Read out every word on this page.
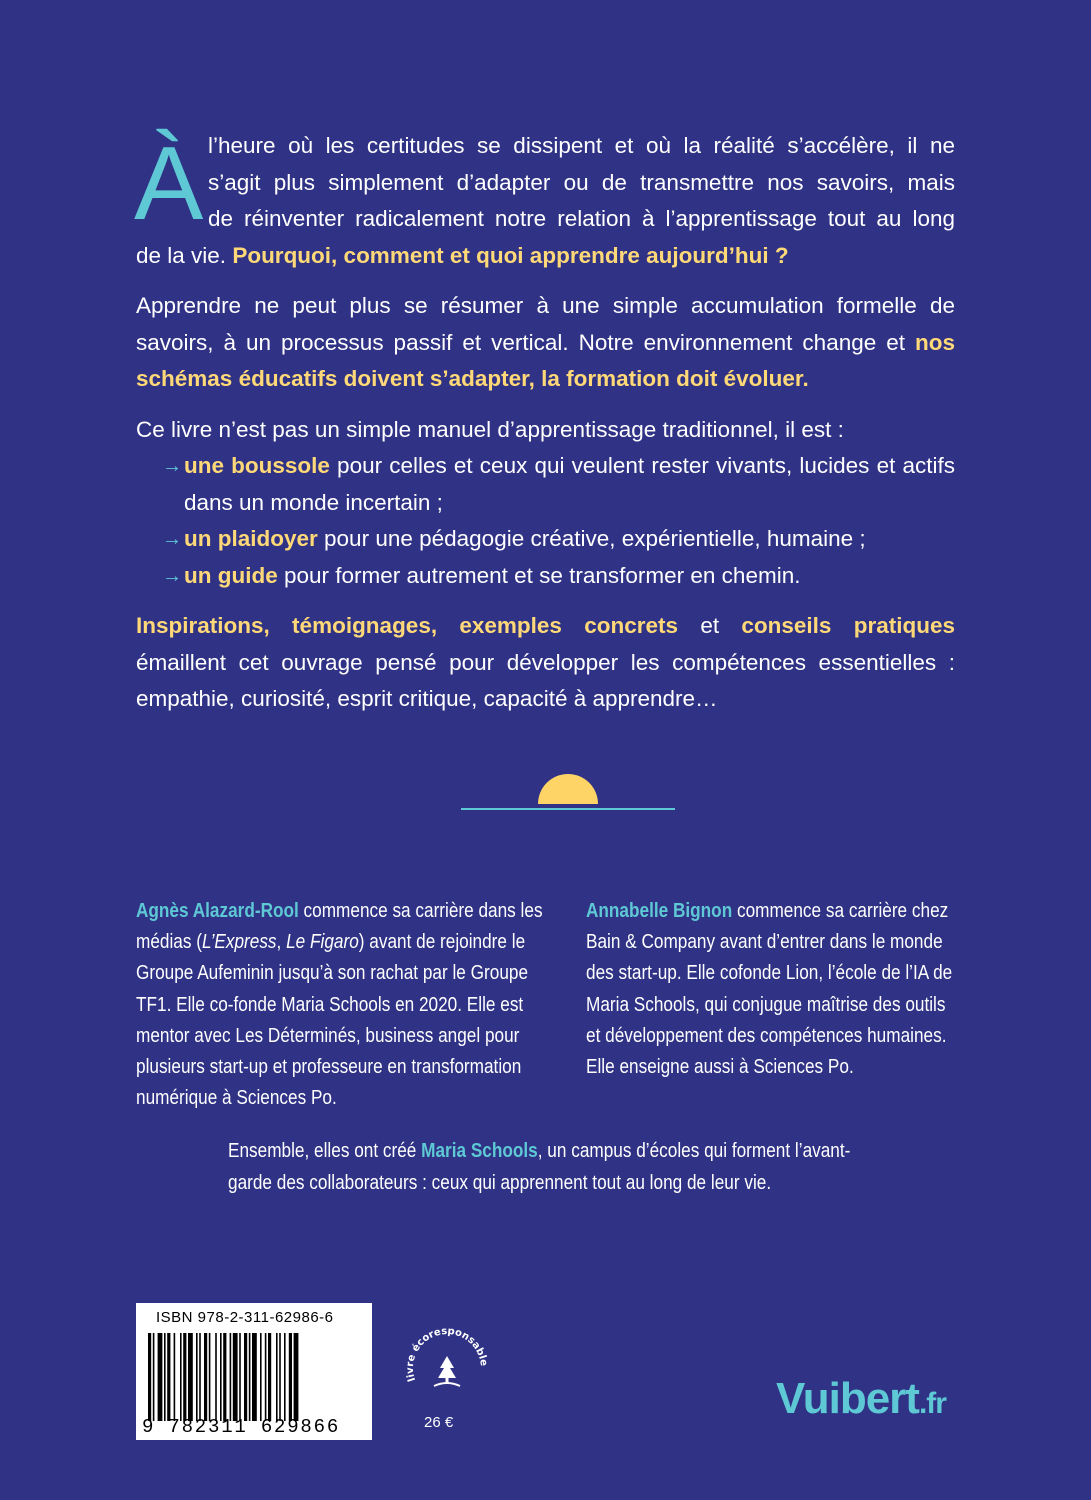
À l’heure où les certitudes se dissipent et où la réalité s’accélère, il ne
s’agit plus simplement d’adapter ou de transmettre nos savoirs, mais
de réinventer radicalement notre relation à l’apprentissage tout au long
de la vie. Pourquoi, comment et quoi apprendre aujourd’hui ?

Apprendre ne peut plus se résumer à une simple accumulation formelle de savoirs, à un processus passif et vertical. Notre environnement change et nos schémas éducatifs doivent s’adapter, la formation doit évoluer.

Ce livre n’est pas un simple manuel d’apprentissage traditionnel, il est :
→ une boussole pour celles et ceux qui veulent rester vivants, lucides et actifs dans un monde incertain ;
→ un plaidoyer pour une pédagogie créative, expérientielle, humaine ;
→ un guide pour former autrement et se transformer en chemin.

Inspirations, témoignages, exemples concrets et conseils pratiques émaillent cet ouvrage pensé pour développer les compétences essentielles : empathie, curiosité, esprit critique, capacité à apprendre…

Agnès Alazard-Rool commence sa carrière dans les médias (L’Express, Le Figaro) avant de rejoindre le Groupe Aufeminin jusqu’à son rachat par le Groupe TF1. Elle co-fonde Maria Schools en 2020. Elle est mentor avec Les Déterminés, business angel pour plusieurs start-up et professeure en transformation numérique à Sciences Po.
Annabelle Bignon commence sa carrière chez Bain & Company avant d’entrer dans le monde des start-up. Elle cofonde Lion, l’école de l’IA de Maria Schools, qui conjugue maîtrise des outils et développement des compétences humaines. Elle enseigne aussi à Sciences Po.
Ensemble, elles ont créé Maria Schools, un campus d’écoles qui forment l’avant-garde des collaborateurs : ceux qui apprennent tout au long de leur vie.
ISBN 978-2-311-62986-6
9 782311 629866
livre écoresponsable
26 €	Vuibert.fr
